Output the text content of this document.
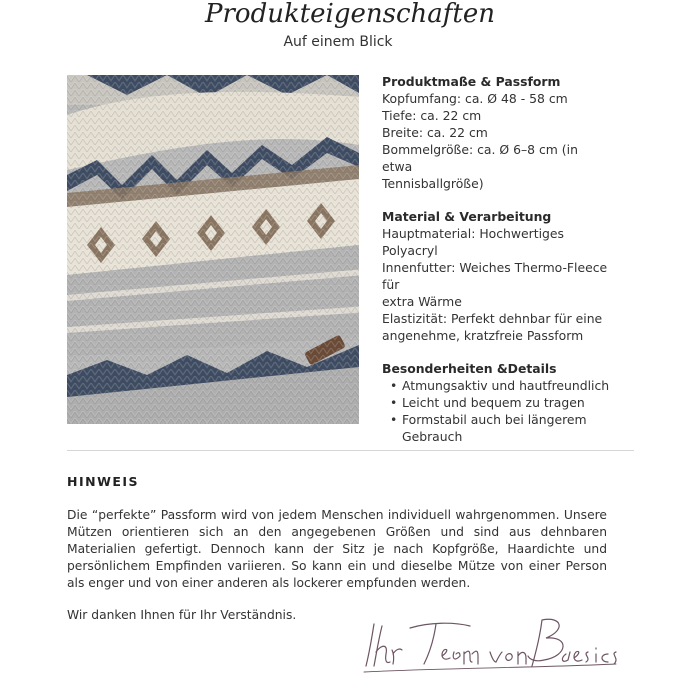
Produkteigenschaften
Auf einem Blick
Produktmaße & Passform
Kopfumfang: ca. Ø 48 - 58 cm
Tiefe: ca. 22 cm
Breite: ca. 22 cm
Bommelgröße: ca. Ø 6–8 cm (in etwa
Tennisballgröße)
Material & Verarbeitung
Hauptmaterial: Hochwertiges Polyacryl
Innenfutter: Weiches Thermo-Fleece für
extra Wärme
Elastizität: Perfekt dehnbar für eine
angenehme, kratzfreie Passform
Besonderheiten &Details
• Atmungsaktiv und hautfreundlich
• Leicht und bequem zu tragen
• Formstabil auch bei längerem Gebrauch
HINWEIS

Die “perfekte” Passform wird von jedem Menschen individuell wahrgenommen. Unsere Mützen orientieren sich an den angegebenen Größen und sind aus dehnbaren Materialien gefertigt. Dennoch kann der Sitz je nach Kopfgröße, Haardichte und persönlichem Empfinden variieren. So kann ein und dieselbe Mütze von einer Person als enger und von einer anderen als lockerer empfunden werden.

Wir danken Ihnen für Ihr Verständnis.
